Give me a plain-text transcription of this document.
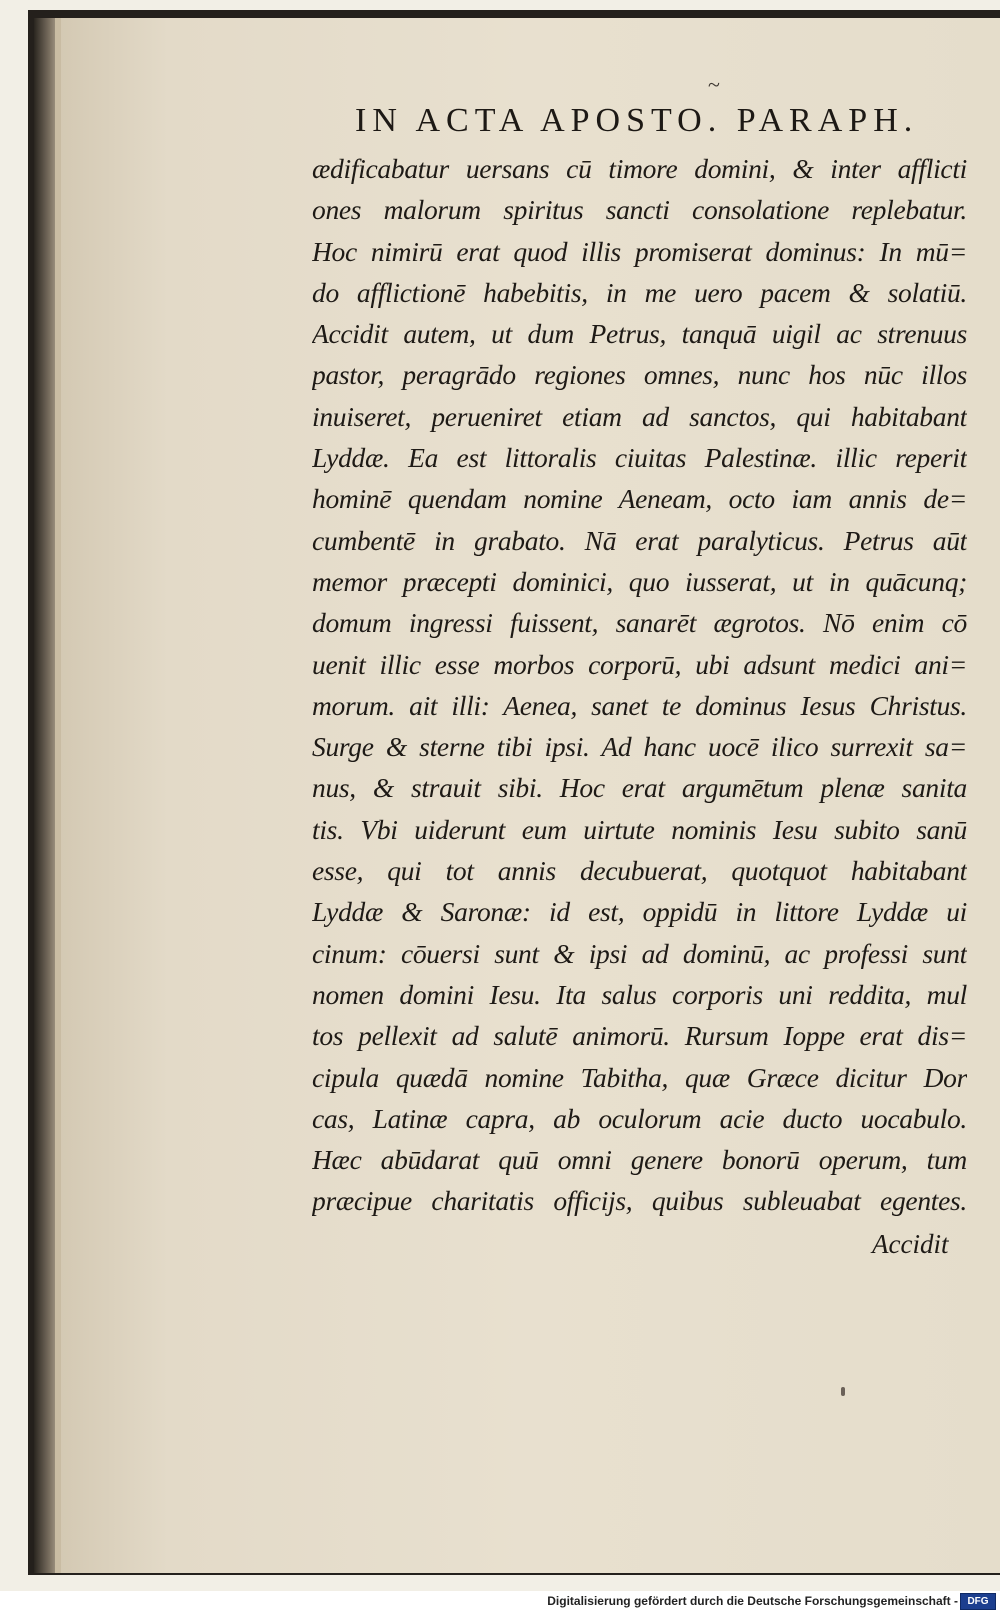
~
IN ACTA APOSTO. PARAPH.
ædificabatur uersans cū timore domini, & inter afflicti
ones malorum spiritus sancti consolatione replebatur.
Hoc nimirū erat quod illis promiserat dominus: In mū=
do afflictionē habebitis, in me uero pacem & solatiū.
Accidit autem, ut dum Petrus, tanquā uigil ac strenuus
pastor, peragrādo regiones omnes, nunc hos nūc illos
inuiseret, perueniret etiam ad sanctos, qui habitabant
Lyddæ. Ea est littoralis ciuitas Palestinæ. illic reperit
hominē quendam nomine Aeneam, octo iam annis de=
cumbentē in grabato. Nā erat paralyticus. Petrus aūt
memor præcepti dominici, quo iusserat, ut in quācunq;
domum ingressi fuissent, sanarēt ægrotos. Nō enim cō
uenit illic esse morbos corporū, ubi adsunt medici ani=
morum. ait illi: Aenea, sanet te dominus Iesus Christus.
Surge & sterne tibi ipsi. Ad hanc uocē ilico surrexit sa=
nus, & strauit sibi. Hoc erat argumētum plenæ sanita
tis. Vbi uiderunt eum uirtute nominis Iesu subito sanū
esse, qui tot annis decubuerat, quotquot habitabant
Lyddæ & Saronæ: id est, oppidū in littore Lyddæ ui
cinum: cōuersi sunt & ipsi ad dominū, ac professi sunt
nomen domini Iesu. Ita salus corporis uni reddita, mul
tos pellexit ad salutē animorū. Rursum Ioppe erat dis=
cipula quædā nomine Tabitha, quæ Græce dicitur Dor
cas, Latinæ capra, ab oculorum acie ducto uocabulo.
Hæc abūdarat quū omni genere bonorū operum, tum
præcipue charitatis officijs, quibus subleuabat egentes.
Accidit
Digitalisierung gefördert durch die Deutsche Forschungsgemeinschaft - DFG
